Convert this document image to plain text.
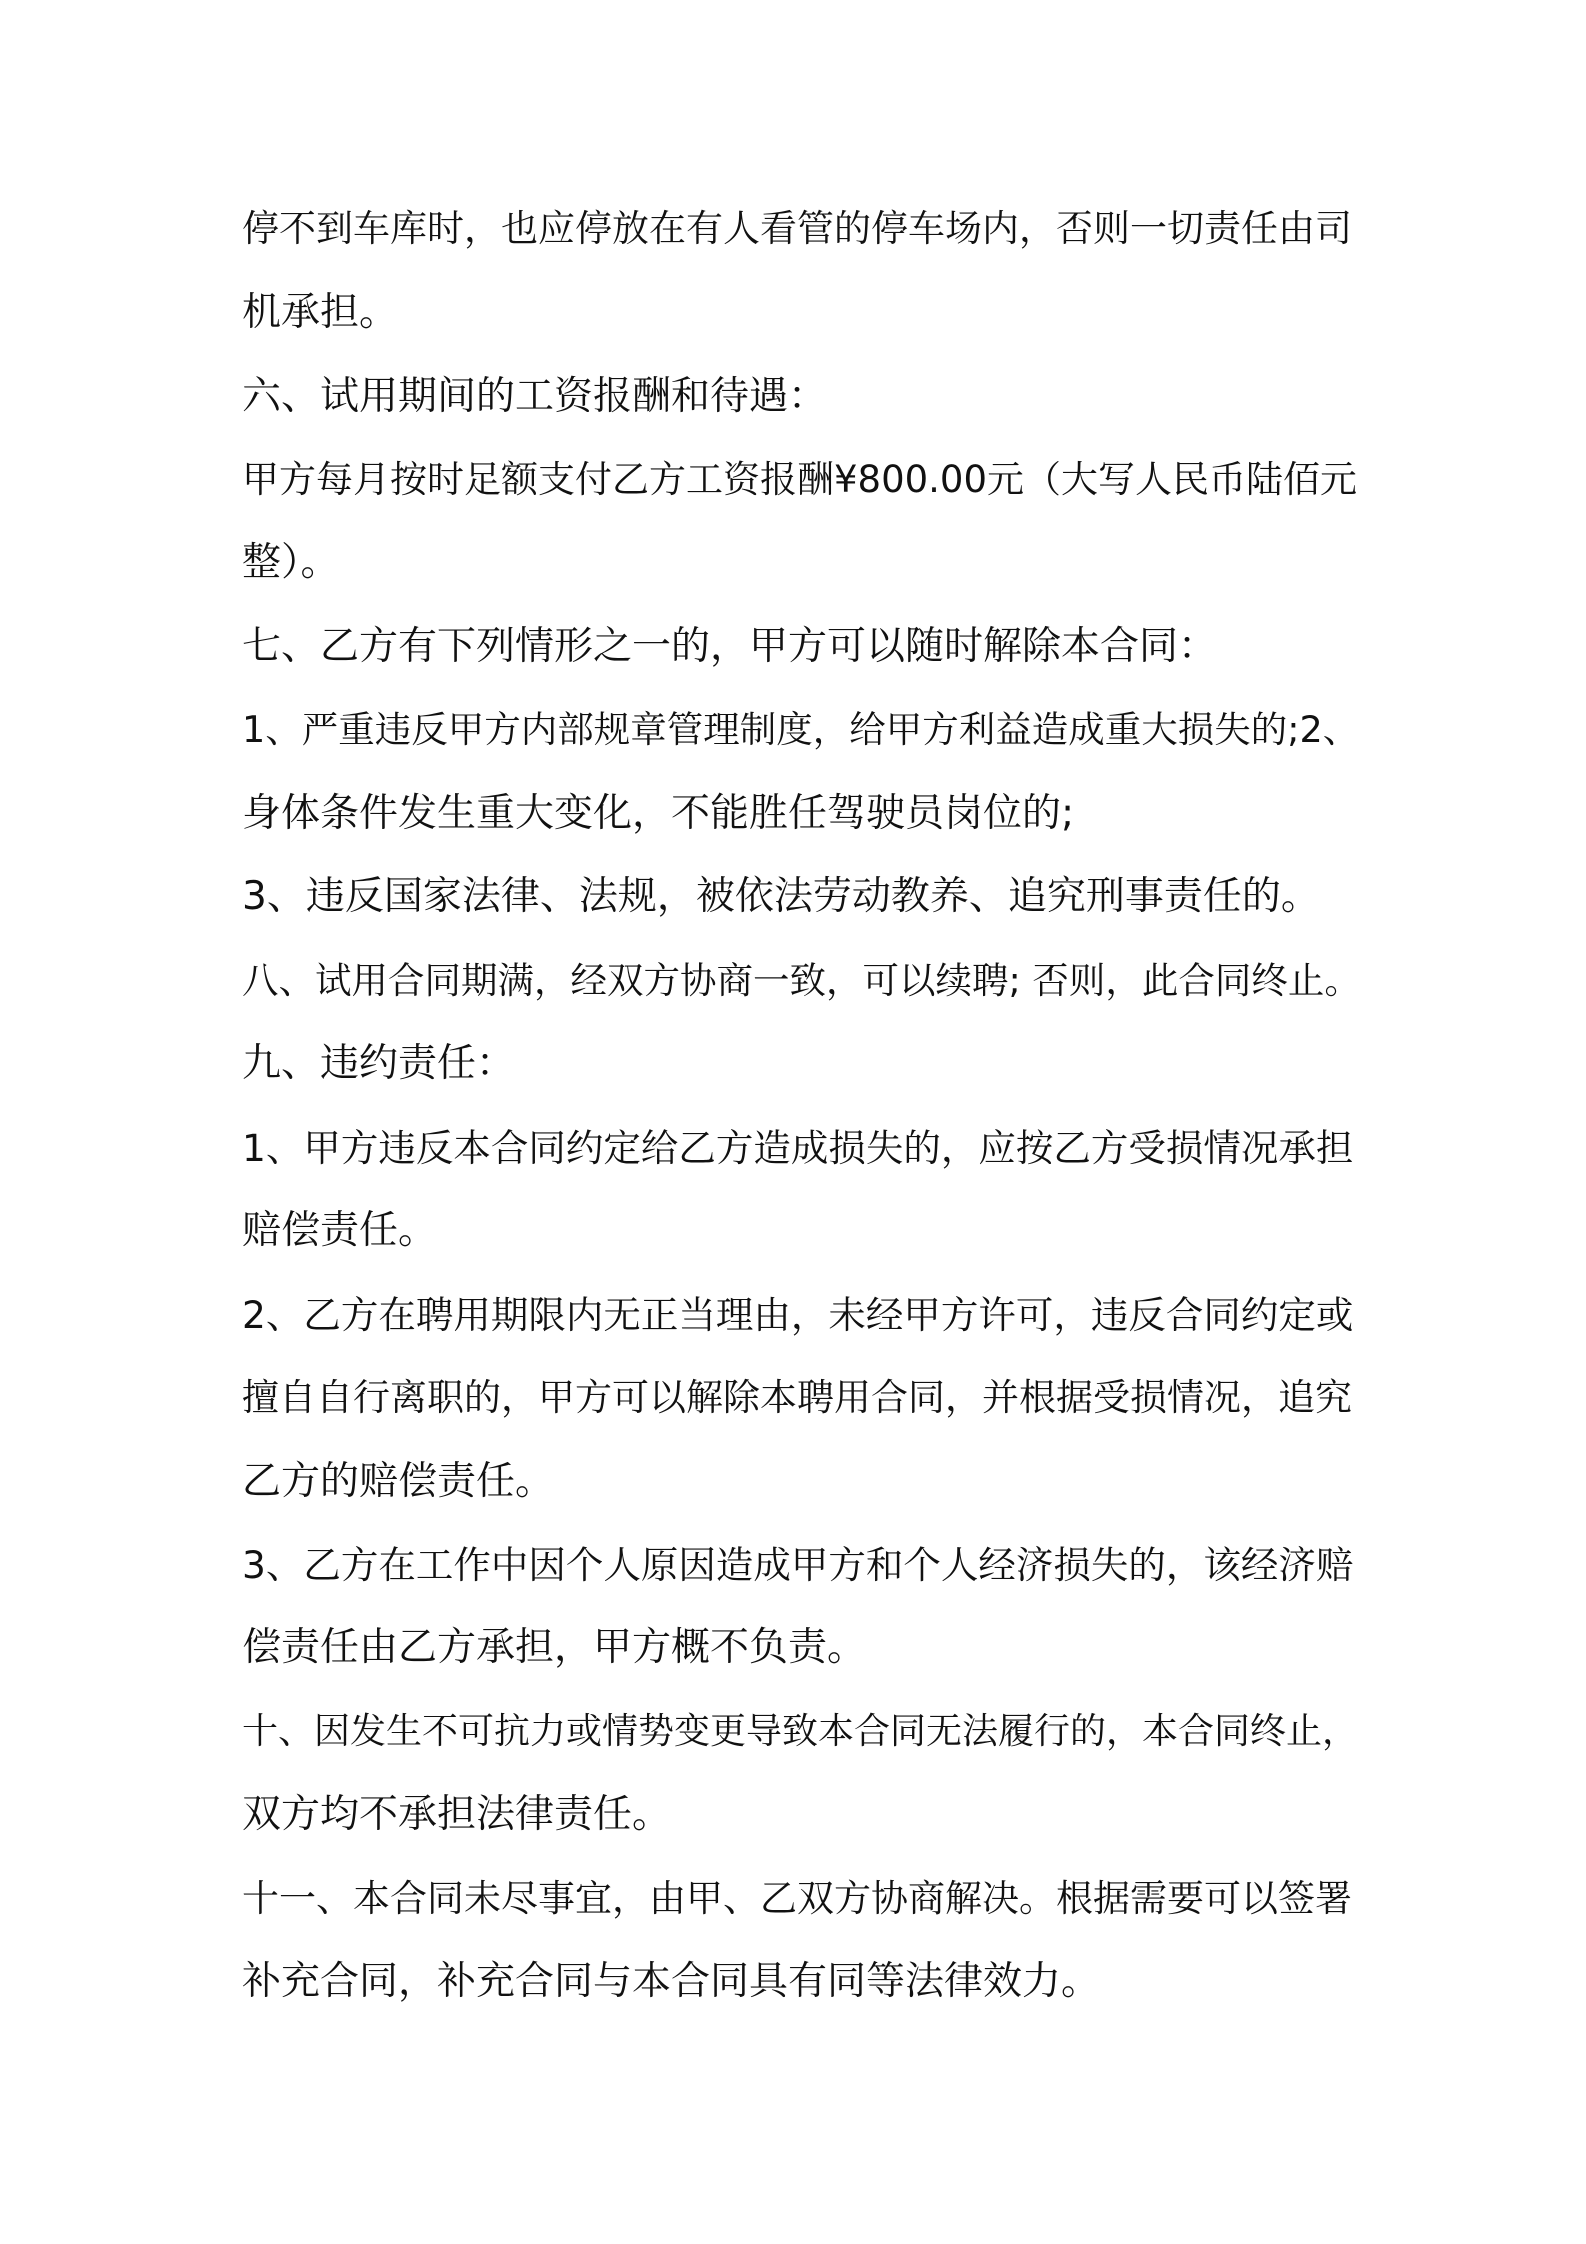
停不到车库时，也应停放在有人看管的停车场内，否则一切责任由司
机承担。
六、试用期间的工资报酬和待遇：
甲方每月按时足额支付乙方工资报酬¥800.00元（大写人民币陆佰元
整）。
七、乙方有下列情形之一的，甲方可以随时解除本合同：
1、严重违反甲方内部规章管理制度，给甲方利益造成重大损失的;2、
身体条件发生重大变化，不能胜任驾驶员岗位的;
3、违反国家法律、法规，被依法劳动教养、追究刑事责任的。
八、试用合同期满，经双方协商一致，可以续聘; 否则，此合同终止。
九、违约责任：
1、甲方违反本合同约定给乙方造成损失的，应按乙方受损情况承担
赔偿责任。
2、乙方在聘用期限内无正当理由，未经甲方许可，违反合同约定或
擅自自行离职的，甲方可以解除本聘用合同，并根据受损情况，追究
乙方的赔偿责任。
3、乙方在工作中因个人原因造成甲方和个人经济损失的，该经济赔
偿责任由乙方承担，甲方概不负责。
十、因发生不可抗力或情势变更导致本合同无法履行的，本合同终止，
双方均不承担法律责任。
十一、本合同未尽事宜，由甲、乙双方协商解决。根据需要可以签署
补充合同，补充合同与本合同具有同等法律效力。
